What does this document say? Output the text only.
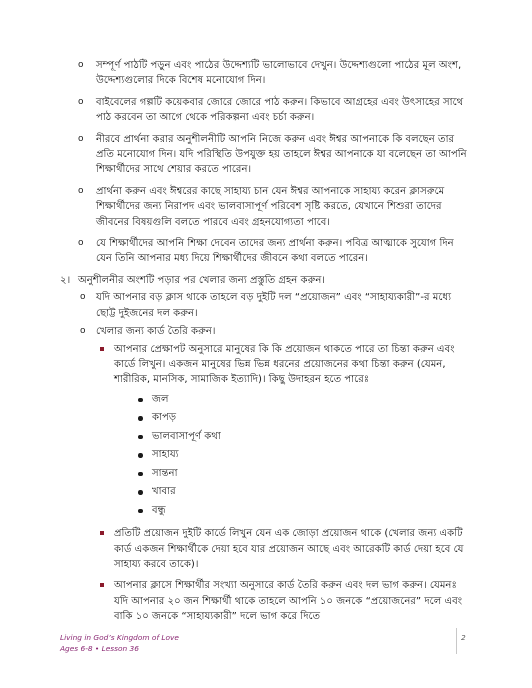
o সম্পূর্ণ পাঠটি পড়ুন এবং পাঠের উদ্দেশ্যটি ভালোভাবে দেখুন। উদ্দেশ্যগুলো পাঠের মূল অংশ, উদ্দেশ্যগুলোর দিকে বিশেষ মনোযোগ দিন।
o বাইবেলের গল্পটি কয়েকবার জোরে জোরে পাঠ করুন। কিভাবে আগ্রহের এবং উৎসাহের সাথে পাঠ করবেন তা আগে থেকে পরিকল্পনা এবং চর্চা করুন।
o নীরবে প্রার্থনা করার অনুশীলনীটি আপনি নিজে করুন এবং ঈশ্বর আপনাকে কি বলছেন তার প্রতি মনোযোগ দিন। যদি পরিস্থিতি উপযুক্ত হয় তাহলে ঈশ্বর আপনাকে যা বলেছেন তা আপনি শিক্ষার্থীদের সাথে শেয়ার করতে পারেন।
o প্রার্থনা করুন এবং ঈশ্বরের কাছে সাহায্য চান যেন ঈশ্বর আপনাকে সাহায্য করেন ক্লাসরুমে শিক্ষার্থীদের জন্য নিরাপদ এবং ভালবাসাপূর্ণ পরিবেশ সৃষ্টি করতে, যেখানে শিশুরা তাদের জীবনের বিষয়গুলি বলতে পারবে এবং গ্রহনযোগ্যতা পাবে।
o যে শিক্ষার্থীদের আপনি শিক্ষা দেবেন তাদের জন্য প্রার্থনা করুন। পবিত্র আত্মাকে সুযোগ দিন যেন তিনি আপনার মধ্য দিয়ে শিক্ষার্থীদের জীবনে কথা বলতে পারেন।
২। অনুশীলনীর অংশটি পড়ার পর খেলার জন্য প্রস্তুতি গ্রহন করুন।
o যদি আপনার বড় ক্লাস থাকে তাহলে বড় দুইটি দল “প্রয়োজন” এবং “সাহায্যকারী”-র মধ্যে ছোট্ট দুইজনের দল করুন।
o খেলার জন্য কার্ড তৈরি করুন।
আপনার প্রেক্ষাপট অনুসারে মানুষের কি কি প্রয়োজন থাকতে পারে তা চিন্তা করুন এবং কার্ডে লিখুন। একজন মানুষের ভিন্ন ভিন্ন ধরনের প্রয়োজনের কথা চিন্তা করুন (যেমন, শারীরিক, মানসিক, সামাজিক ইত্যাদি)। কিছু উদাহরন হতে পারেঃ
জল
কাপড়
ভালবাসাপূর্ণ কথা
সাহায্য
সান্তনা
খাবার
বন্ধু
প্রতিটি প্রয়োজন দুইটি কার্ডে লিখুন যেন এক জোড়া প্রয়োজন থাকে (খেলার জন্য একটি কার্ড একজন শিক্ষার্থীকে দেয়া হবে যার প্রয়োজন আছে এবং আরেকটি কার্ড দেয়া হবে যে সাহায্য করবে তাকে)।
আপনার ক্লাসে শিক্ষার্থীর সংখ্যা অনুসারে কার্ড তৈরি করুন এবং দল ভাগ করুন। যেমনঃ যদি আপনার ২০ জন শিক্ষার্থী থাকে তাহলে আপনি ১০ জনকে “প্রয়োজনের” দলে এবং বাকি ১০ জনকে “সাহায্যকারী” দলে ভাগ করে দিতে
Living in God’s Kingdom of Love
Ages 6-8 • Lesson 36
2
